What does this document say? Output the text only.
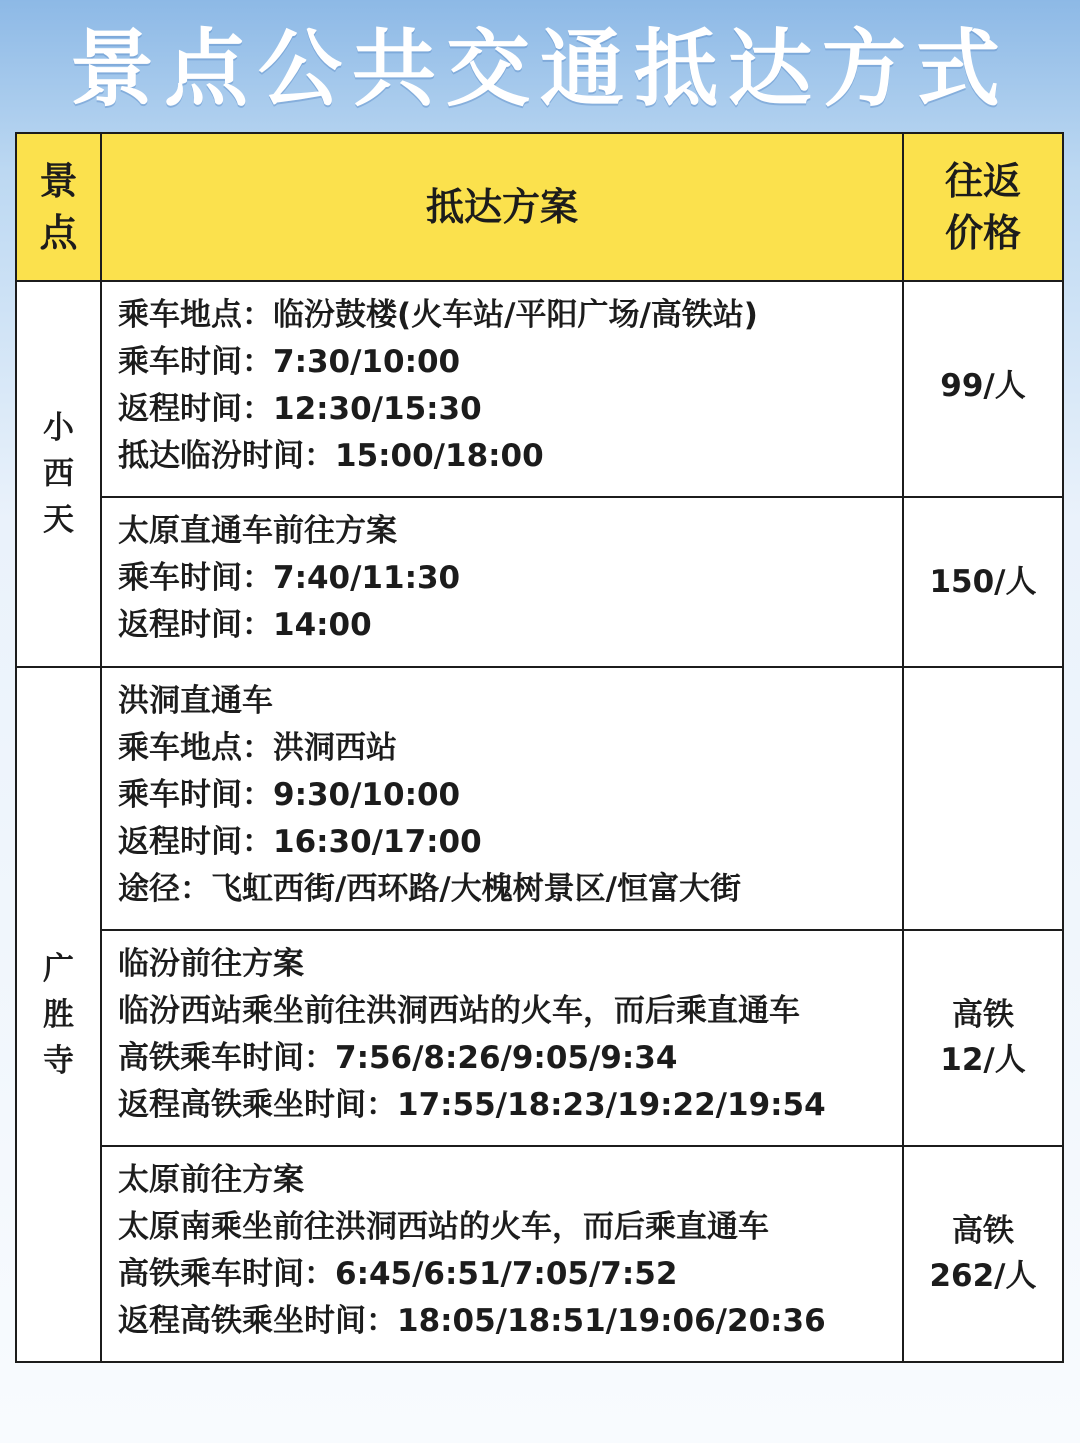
景点公共交通抵达方式
景
点	抵达方案	往返
价格

小
西
天	乘车地点：临汾鼓楼(火车站/平阳广场/高铁站)
乘车时间：7:30/10:00
返程时间：12:30/15:30
抵达临汾时间：15:00/18:00	99/人

	太原直通车前往方案
乘车时间：7:40/11:30
返程时间：14:00	150/人

广
胜
寺	洪洞直通车
乘车地点：洪洞西站
乘车时间：9:30/10:00
返程时间：16:30/17:00
途径：飞虹西街/西环路/大槐树景区/恒富大街	

	临汾前往方案
临汾西站乘坐前往洪洞西站的火车，而后乘直通车
高铁乘车时间：7:56/8:26/9:05/9:34
返程高铁乘坐时间：17:55/18:23/19:22/19:54	高铁
12/人

	太原前往方案
太原南乘坐前往洪洞西站的火车，而后乘直通车
高铁乘车时间：6:45/6:51/7:05/7:52
返程高铁乘坐时间：18:05/18:51/19:06/20:36	高铁
262/人
